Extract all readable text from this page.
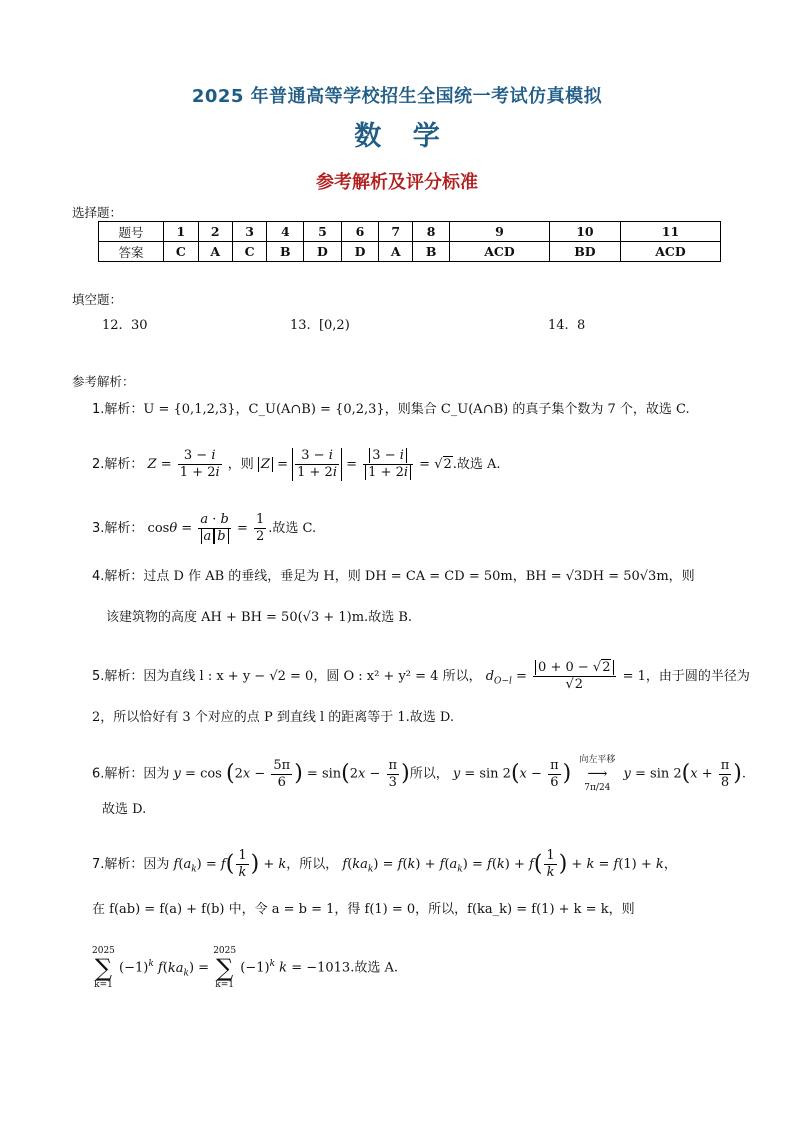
2025 年普通高等学校招生全国统一考试仿真模拟
数 学
参考解析及评分标准
选择题：
题号	1	2	3	4	5	6	7	8	9	10	11
答案	C	A	C	B	D	D	A	B	ACD	BD	ACD
填空题：
12. 30	13. [0,2)	14. 8
参考解析：
1.解析：U = {0,1,2,3}，C_U(A∩B) = {0,2,3}，则集合 C_U(A∩B) 的真子集个数为 7 个，故选 C.
2.解析： $Z = \frac{3 - i}{1 + 2i}$ ，则 $Z = \frac{3 - i}{1 + 2i} = \frac{3 - i}{1 + 2i} = √2$.故选 A.
3.解析： $\cos\theta = \frac{a \cdot b}{\text{a b}} = \frac{1}{2}$ .故选 C.
4.解析：过点 D 作 AB 的垂线，垂足为 H，则 DH = CA = CD = 50m，BH = √3DH = 50√3m，则
该建筑物的高度 AH + BH = 50(√3 + 1)m.故选 B.
5.解析：因为直线 l : x + y − √2 = 0，圆 O : x² + y² = 4 所以， $d_{O-l} = \frac{0 + 0 - √2}{√2} = 1$，由于圆的半径为
2，所以恰好有 3 个对应的点 P 到直线 l 的距离等于 1.故选 D.
6.解析：因为 $y = \cos (2x - \frac{5\pi}{6}$ ) = $\sin(2x - \frac{\pi}{3}$ )所以， $y = \sin 2(x - \frac{\pi}{6}$ )
向左平移
⟶
7π/24
$y = \sin 2(x + \frac{\pi}{8}$ ).
故选 D.
7.解析：因为 $f(a_k) = f( \frac{1}{k}$ ) + k，所以， $f(ka_k) = f(k) + f(a_k) = f(k) + f( \frac{1}{k}$ ) + k = f(1) + k，
在 f(ab) = f(a) + f(b) 中，令 a = b = 1，得 f(1) = 0，所以，f(ka_k) = f(1) + k = k，则
2025
∑
k=1
$(-1)^k$ $f(ka_k)$ =
2025
∑
k=1
$(-1)^k$ k = −1013.故选 A.
